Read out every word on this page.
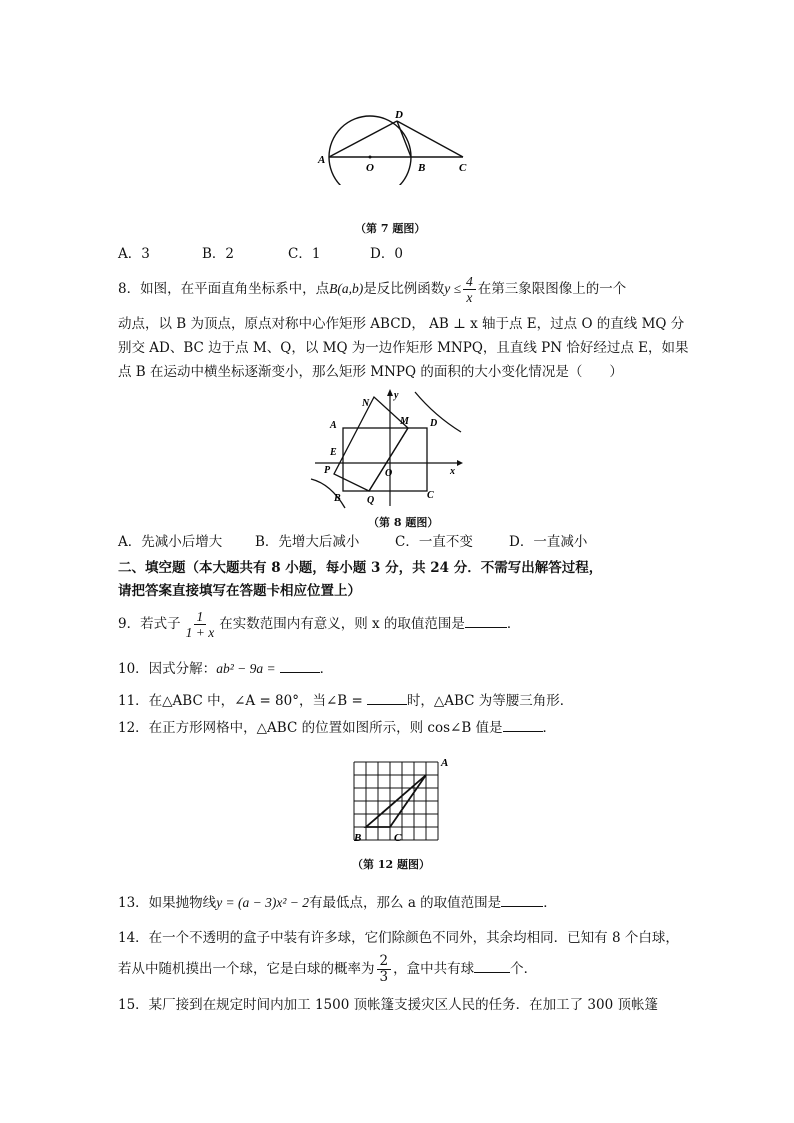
A
O
D
B	C
（第 7 题图）
A．3	B．2	C．1	D．0
8．如图，在平面直角坐标系中，点B(a,b)是反比例函数$y \le \frac{4}{x}$ 在第三象限图像上的一个
动点，以 B 为顶点，原点对称中心作矩形 ABCD， AB ⊥ x 轴于点 E，过点 O 的直线 MQ 分
别交 AD、BC 边于点 M、Q，以 MQ 为一边作矩形 MNPQ，且直线 PN 恰好经过点 E，如果
点 B 在运动中横坐标逐渐变小，那么矩形 MNPQ 的面积的大小变化情况是（　　）
N
y
M D
A
E
O	x
P
B	Q	C
（第 8 题图）
A．先减小后增大 B．先增大后减小	C．一直不变	D．一直减小
二、填空题（本大题共有 8 小题，每小题 3 分，共 24 分．不需写出解答过程，
请把答案直接填写在答题卡相应位置上）
9．若式子 $\frac{1}{1 + x}$ 在实数范围内有意义，则 x 的取值范围是	．
10．因式分解：ab² − 9a =	．
11．在△ABC 中，∠A = 80°，当∠B =	时，△ABC 为等腰三角形．
12．在正方形网格中，△ABC 的位置如图所示，则 cos∠B 值是	．
A
B	C
（第 12 题图）
13．如果抛物线y = (a − 3)x² − 2有最低点，那么 a 的取值范围是	．
14．在一个不透明的盒子中装有许多球，它们除颜色不同外，其余均相同．已知有 8 个白球，
若从中随机摸出一个球，它是白球的概率为 $\frac{2}{3}$ ，盒中共有球	个．
15．某厂接到在规定时间内加工 1500 顶帐篷支援灾区人民的任务．在加工了 300 顶帐篷
